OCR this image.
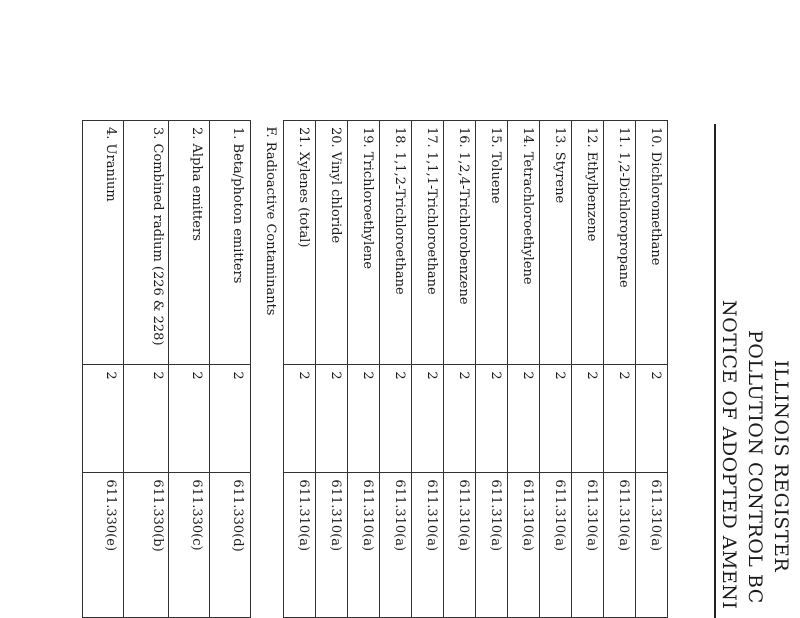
ILLINOIS REGISTER
POLLUTION CONTROL BC
NOTICE OF ADOPTED AMENI
10. Dichloromethane	2	611.310(a)
11. 1,2-Dichloropropane	2	611.310(a)
12. Ethylbenzene	2	611.310(a)
13. Styrene	2	611.310(a)
14. Tetrachloroethylene	2	611.310(a)
15. Toluene	2	611.310(a)
16. 1,2,4-Trichlorobenzene	2	611.310(a)
17. 1,1,1-Trichloroethane	2	611.310(a)
18. 1,1,2-Trichloroethane	2	611.310(a)
19. Trichloroethylene	2	611.310(a)
20. Vinyl chloride	2	611.310(a)
21. Xylenes (total)	2	611.310(a)
F. Radioactive Contaminants		
1. Beta/photon emitters	2	611.330(d)
2. Alpha emitters	2	611.330(c)
3. Combined radium (226 & 228)	2	611.330(b)
4. Uranium	2	611.330(e)
